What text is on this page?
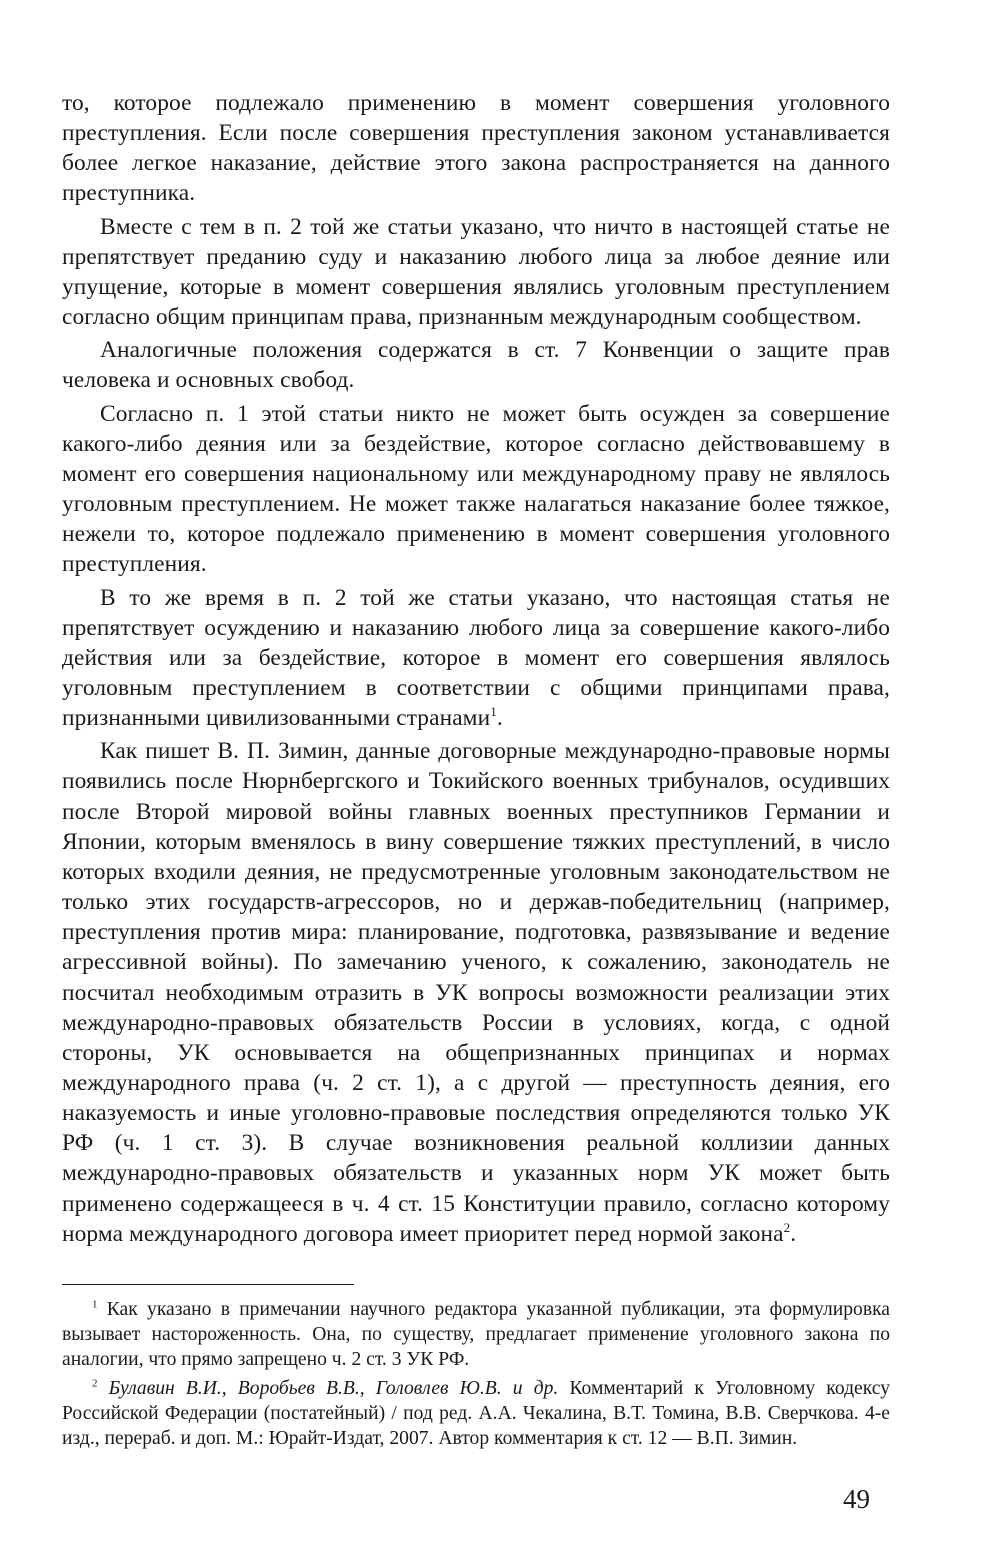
то, которое подлежало применению в момент совершения уголовного преступления. Если после совершения преступления законом устанавливается более легкое наказание, действие этого закона распространяется на данного преступника.

Вместе с тем в п. 2 той же статьи указано, что ничто в настоящей статье не препятствует преданию суду и наказанию любого лица за любое деяние или упущение, которые в момент совершения являлись уголовным преступлением согласно общим принципам права, признанным международным сообществом.

Аналогичные положения содержатся в ст. 7 Конвенции о защите прав человека и основных свобод.

Согласно п. 1 этой статьи никто не может быть осужден за совершение какого-либо деяния или за бездействие, которое согласно действовавшему в момент его совершения национальному или международному праву не являлось уголовным преступлением. Не может также налагаться наказание более тяжкое, нежели то, которое подлежало применению в момент совершения уголовного преступления.

В то же время в п. 2 той же статьи указано, что настоящая статья не препятствует осуждению и наказанию любого лица за совершение какого-либо действия или за бездействие, которое в момент его совершения являлось уголовным преступлением в соответствии с общими принципами права, признанными цивилизованными странами$^1$.

Как пишет В. П. Зимин, данные договорные международно-правовые нормы появились после Нюрнбергского и Токийского военных трибуналов, осудивших после Второй мировой войны главных военных преступников Германии и Японии, которым вменялось в вину совершение тяжких преступлений, в число которых входили деяния, не предусмотренные уголовным законодательством не только этих государств-агрессоров, но и держав-победительниц (например, преступления против мира: планирование, подготовка, развязывание и ведение агрессивной войны). По замечанию ученого, к сожалению, законодатель не посчитал необходимым отразить в УК вопросы возможности реализации этих международно-правовых обязательств России в условиях, когда, с одной стороны, УК основывается на общепризнанных принципах и нормах международного права (ч. 2 ст. 1), а с другой — преступность деяния, его наказуемость и иные уголовно-правовые последствия определяются только УК РФ (ч. 1 ст. 3). В случае возникновения реальной коллизии данных международно-правовых обязательств и указанных норм УК может быть применено содержащееся в ч. 4 ст. 15 Конституции правило, согласно которому норма международного договора имеет приоритет перед нормой закона$^2$.

$^1$ Как указано в примечании научного редактора указанной публикации, эта формулировка вызывает настороженность. Она, по существу, предлагает применение уголовного закона по аналогии, что прямо запрещено ч. 2 ст. 3 УК РФ.

$^2$ Булавин В.И., Воробьев В.В., Головлев Ю.В. и др. Комментарий к Уголовному кодексу Российской Федерации (постатейный) / под ред. А.А. Чекалина, В.Т. Томина, В.В. Сверчкова. 4-е изд., перераб. и доп. М.: Юрайт-Издат, 2007. Автор комментария к ст. 12 — В.П. Зимин.

49
